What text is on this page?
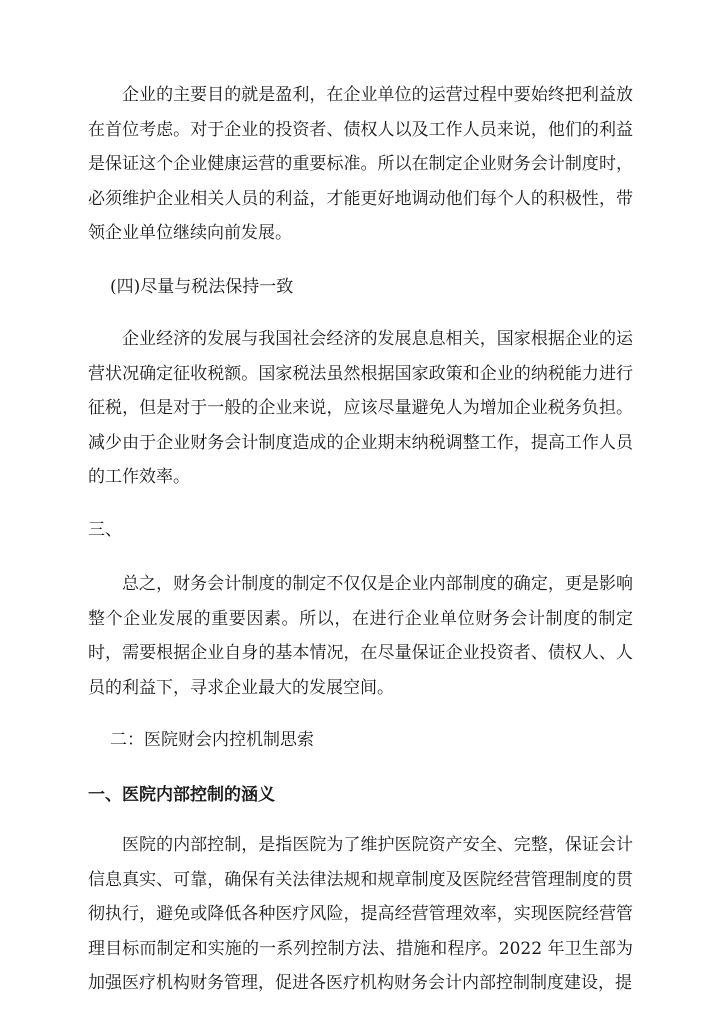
企业的主要目的就是盈利，在企业单位的运营过程中要始终把利益放在首位考虑。对于企业的投资者、债权人以及工作人员来说，他们的利益是保证这个企业健康运营的重要标准。所以在制定企业财务会计制度时，必须维护企业相关人员的利益，才能更好地调动他们每个人的积极性，带领企业单位继续向前发展。

(四)尽量与税法保持一致

企业经济的发展与我国社会经济的发展息息相关，国家根据企业的运营状况确定征收税额。国家税法虽然根据国家政策和企业的纳税能力进行征税，但是对于一般的企业来说，应该尽量避免人为增加企业税务负担。减少由于企业财务会计制度造成的企业期末纳税调整工作，提高工作人员的工作效率。

三、

总之，财务会计制度的制定不仅仅是企业内部制度的确定，更是影响整个企业发展的重要因素。所以，在进行企业单位财务会计制度的制定时，需要根据企业自身的基本情况，在尽量保证企业投资者、债权人、人员的利益下，寻求企业最大的发展空间。

二：医院财会内控机制思索

一、医院内部控制的涵义

医院的内部控制，是指医院为了维护医院资产安全、完整，保证会计信息真实、可靠，确保有关法律法规和规章制度及医院经营管理制度的贯彻执行，避免或降低各种医疗风险，提高经营管理效率，实现医院经营管理目标而制定和实施的一系列控制方法、措施和程序。2022 年卫生部为加强医疗机构财务管理，促进各医疗机构财务会计内部控制制度建设，提
